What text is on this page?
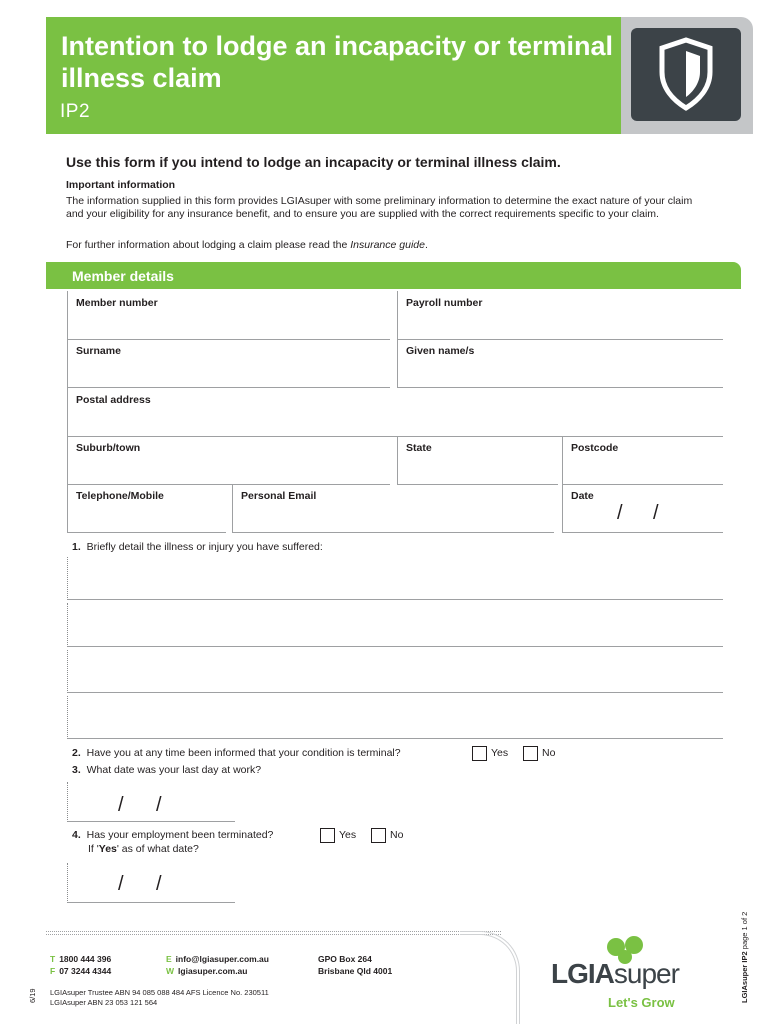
Intention to lodge an incapacity or terminal illness claim
IP2
Use this form if you intend to lodge an incapacity or terminal illness claim.
Important information
The information supplied in this form provides LGIAsuper with some preliminary information to determine the exact nature of your claim and your eligibility for any insurance benefit, and to ensure you are supplied with the correct requirements specific to your claim.
For further information about lodging a claim please read the Insurance guide.
Member details
Member number	Payroll number
Surname	Given name/s
Postal address
Suburb/town	State	Postcode
Telephone/Mobile	Personal Email	Date
/ /
1. Briefly detail the illness or injury you have suffered:
2. Have you at any time been informed that your condition is terminal?	Yes	No
3. What date was your last day at work?
/ /
4. Has your employment been terminated?	Yes	No
If 'Yes' as of what date?
/ /
T 1800 444 396
F 07 3244 4344
E info@lgiasuper.com.au
W lgiasuper.com.au
GPO Box 264
Brisbane Qld 4001
LGIAsuper Trustee ABN 94 085 088 484 AFS Licence No. 230511
LGIAsuper ABN 23 053 121 564
6/19	LGIAsuper IP2 page 1 of 2
LGIAsuper
Let's Grow
